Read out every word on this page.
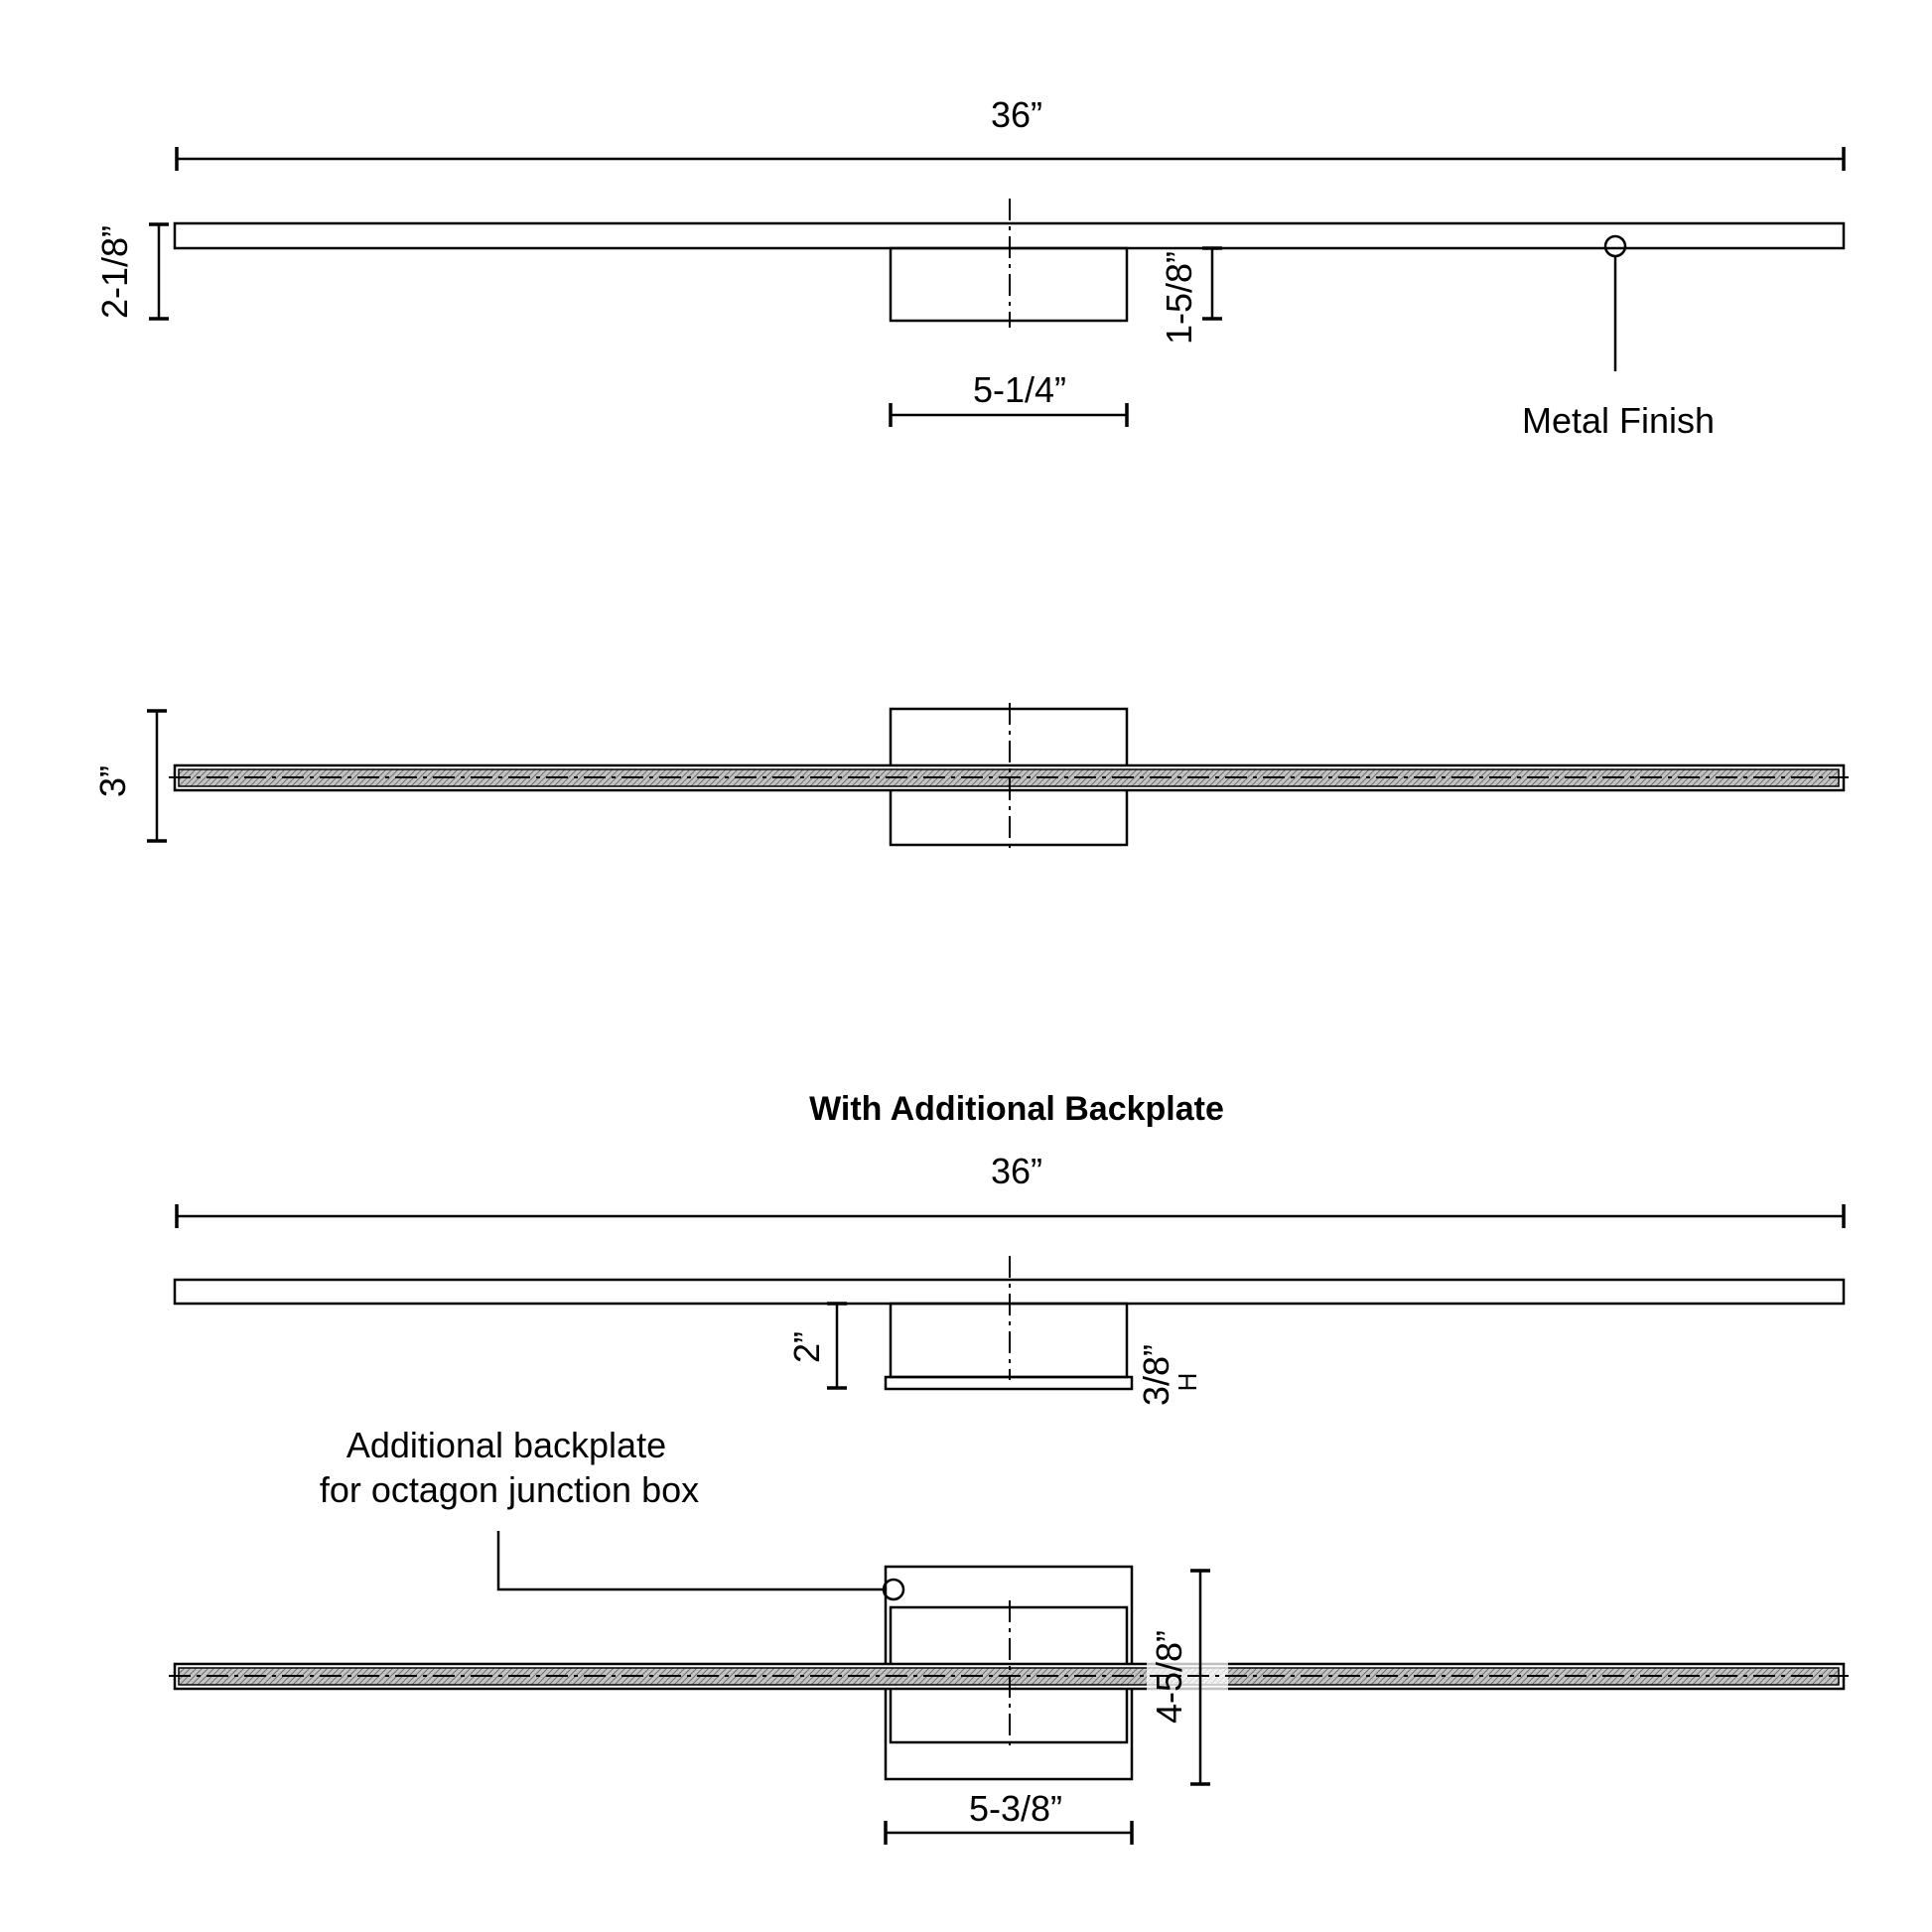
36”
2-1/8”	1-5/8”
5-1/4”
Metal Finish
3”
With Additional Backplate
36”
2”	3/8”
H
Additional backplate
for octagon junction box
4-5/8”
5-3/8”
